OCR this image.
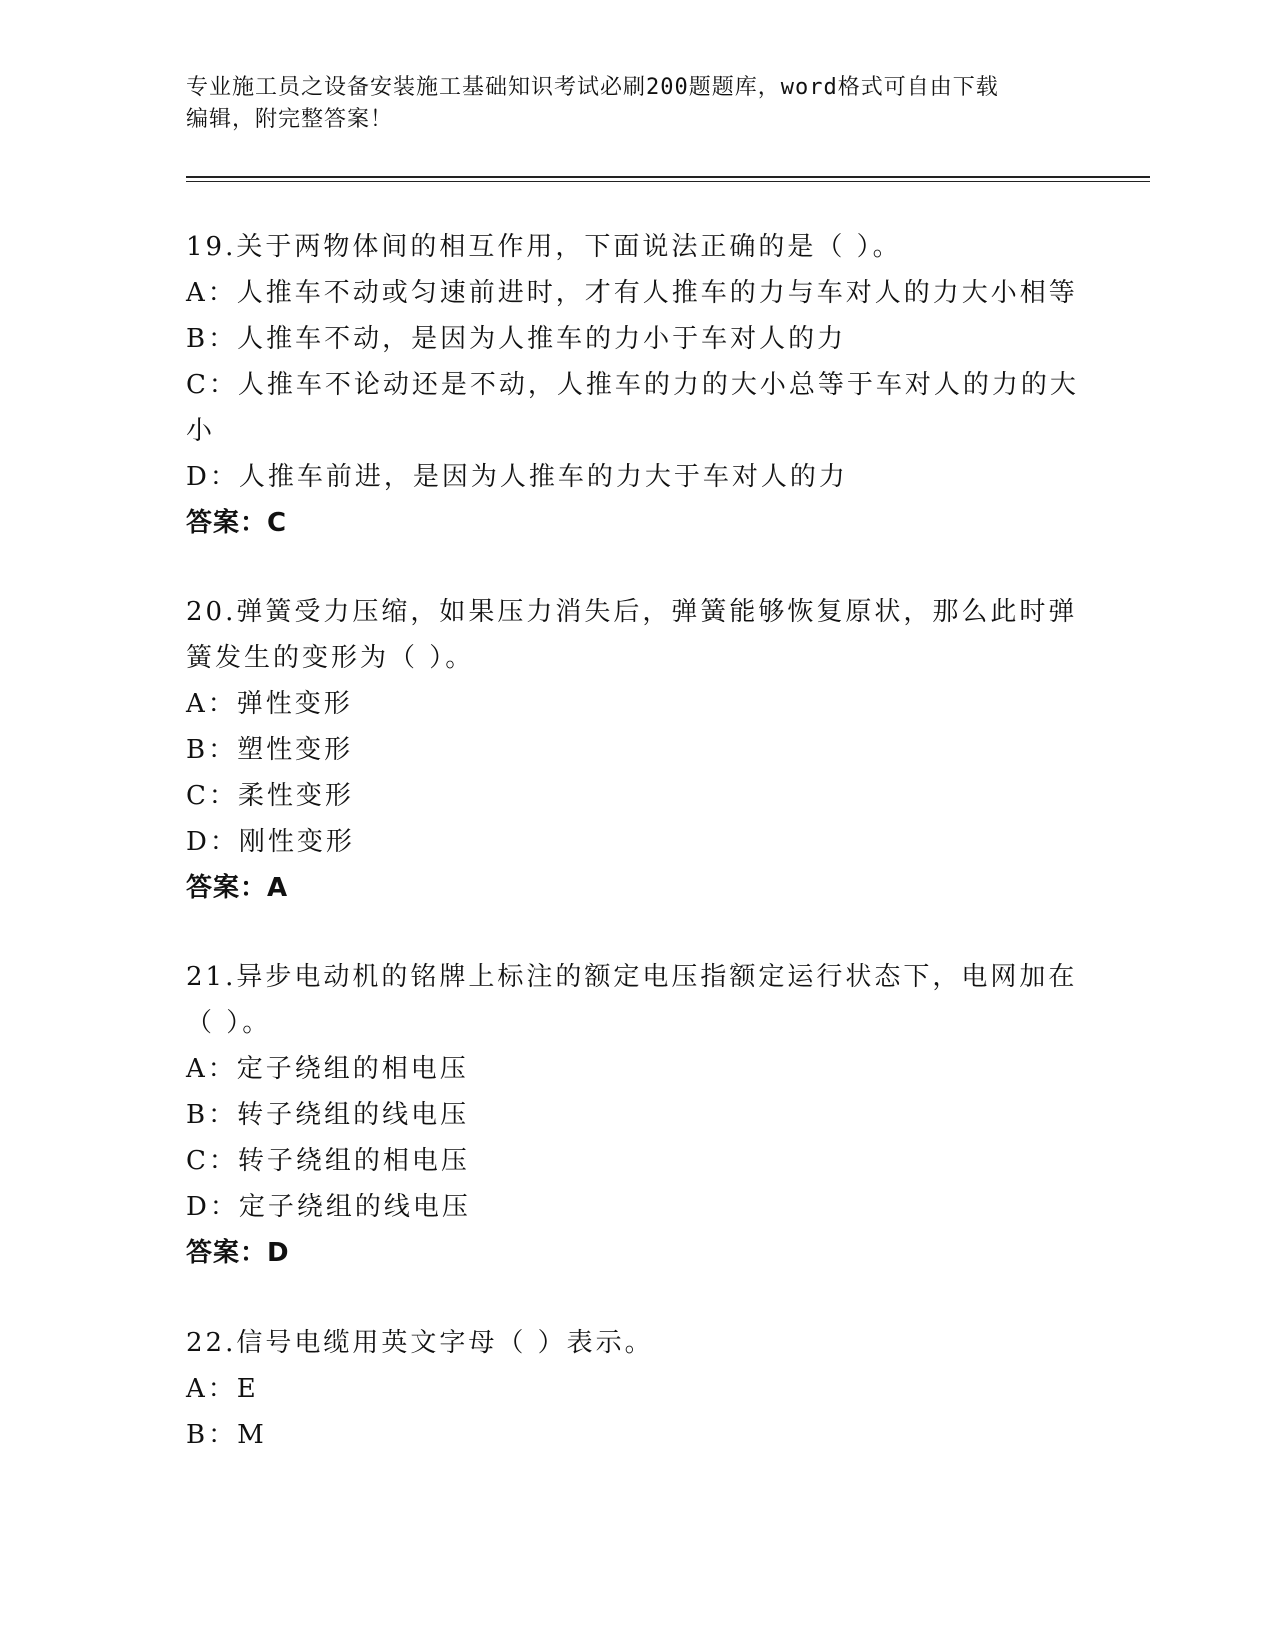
专业施工员之设备安装施工基础知识考试必刷200题题库，word格式可自由下载
编辑，附完整答案！
19.关于两物体间的相互作用，下面说法正确的是（ ）。
A：人推车不动或匀速前进时，才有人推车的力与车对人的力大小相等
B：人推车不动，是因为人推车的力小于车对人的力
C：人推车不论动还是不动，人推车的力的大小总等于车对人的力的大
小
D：人推车前进，是因为人推车的力大于车对人的力
答案：C
20.弹簧受力压缩，如果压力消失后，弹簧能够恢复原状，那么此时弹
簧发生的变形为（ ）。
A：弹性变形
B：塑性变形
C：柔性变形
D：刚性变形
答案：A
21.异步电动机的铭牌上标注的额定电压指额定运行状态下，电网加在
（ ）。
A：定子绕组的相电压
B：转子绕组的线电压
C：转子绕组的相电压
D：定子绕组的线电压
答案：D
22.信号电缆用英文字母（ ）表示。
A：E
B：M
